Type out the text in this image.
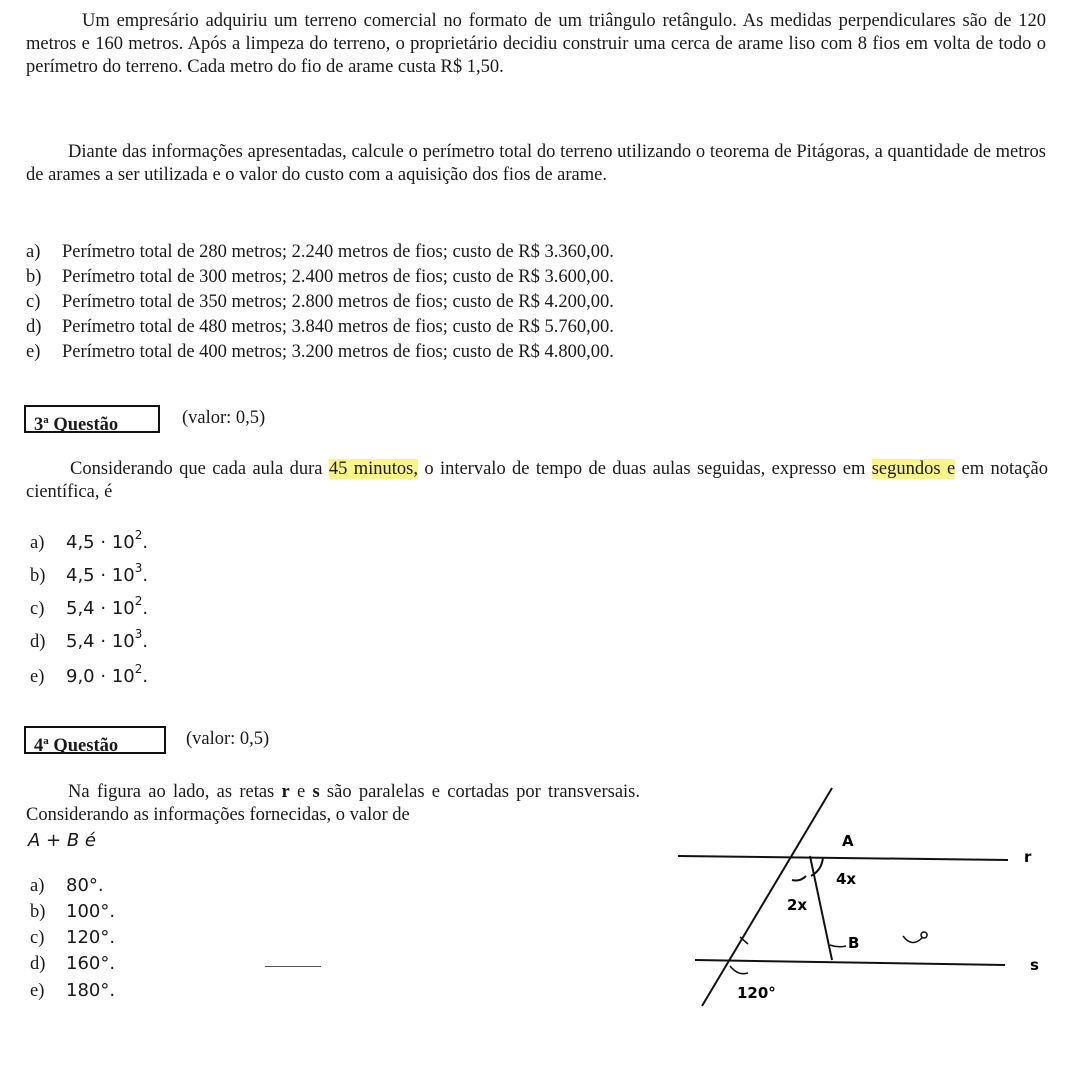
Um empresário adquiriu um terreno comercial no formato de um triângulo retângulo. As medidas perpendiculares são de 120 metros e 160 metros. Após a limpeza do terreno, o proprietário decidiu construir uma cerca de arame liso com 8 fios em volta de todo o perímetro do terreno. Cada metro do fio de arame custa R$ 1,50.
Diante das informações apresentadas, calcule o perímetro total do terreno utilizando o teorema de Pitágoras, a quantidade de metros de arames a ser utilizada e o valor do custo com a aquisição dos fios de arame.
a) Perímetro total de 280 metros; 2.240 metros de fios; custo de R$ 3.360,00.
b) Perímetro total de 300 metros; 2.400 metros de fios; custo de R$ 3.600,00.
c) Perímetro total de 350 metros; 2.800 metros de fios; custo de R$ 4.200,00.
d) Perímetro total de 480 metros; 3.840 metros de fios; custo de R$ 5.760,00.
e) Perímetro total de 400 metros; 3.200 metros de fios; custo de R$ 4.800,00.
3$^a$ Questão	(valor: 0,5)
Considerando que cada aula dura 45 minutos, o intervalo de tempo de duas aulas seguidas, expresso em segundos e em notação científica, é
a) $4,5 \cdot 10^2$.
b) $4,5 \cdot 10^3$.
c) $5,4 \cdot 10^2$.
d) $5,4 \cdot 10^3$.
e) $9,0 \cdot 10^2$.
4$^a$ Questão	(valor: 0,5)
Na figura ao lado, as retas r e s são paralelas e cortadas por transversais. Considerando as informações fornecidas, o valor de
A + B é
a) 80°.
b) 100°.
c) 120°.
d) 160°.
e) 180°.
A
r
4x
2x
B
s
120°
